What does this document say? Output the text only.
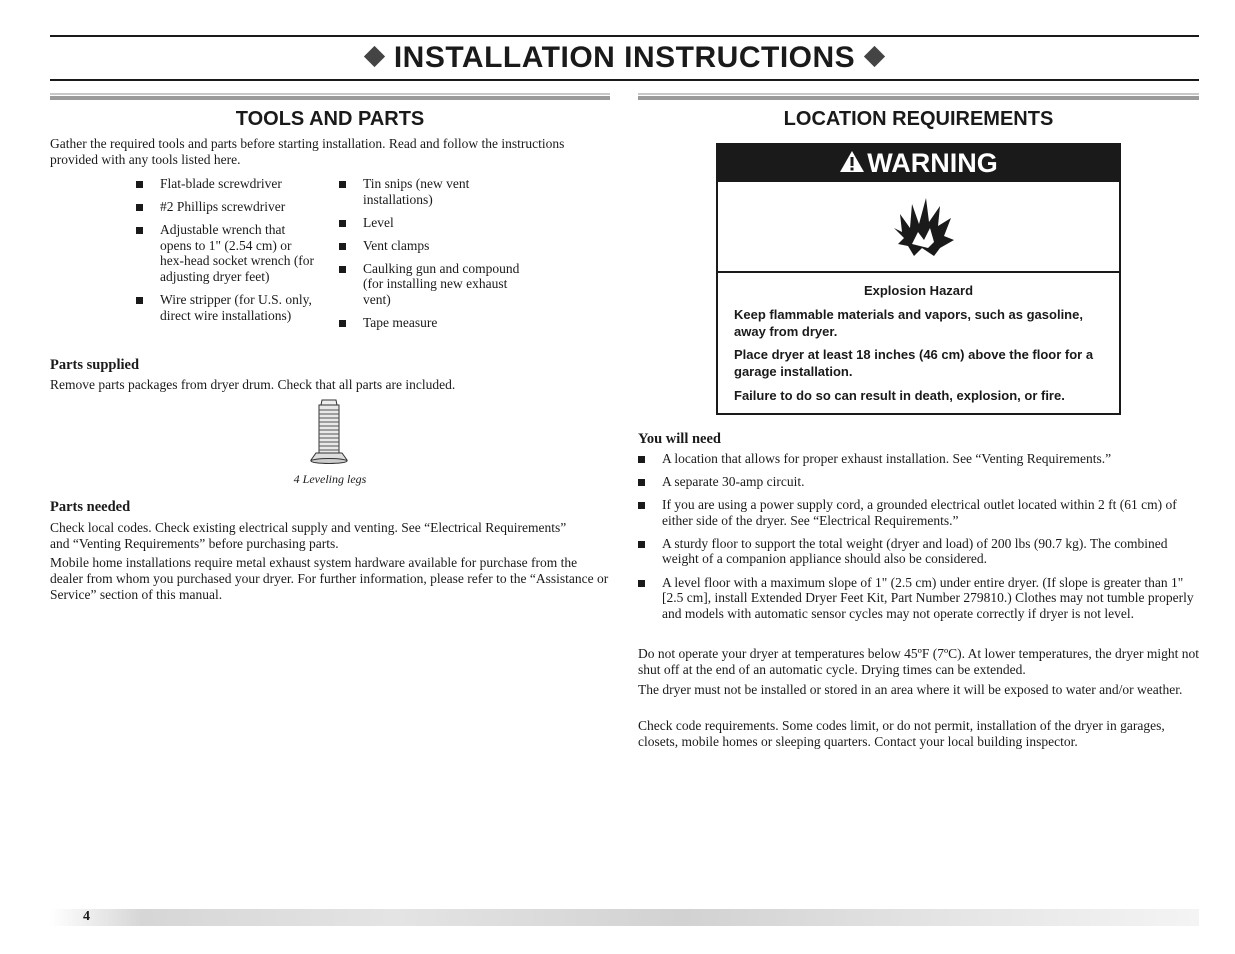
INSTALLATION INSTRUCTIONS
TOOLS AND PARTS

Gather the required tools and parts before starting installation. Read and follow the instructions provided with any tools listed here.

Flat-blade screwdriver
#2 Phillips screwdriver
Adjustable wrench that opens to 1" (2.54 cm) or hex-head socket wrench (for adjusting dryer feet)
Wire stripper (for U.S. only, direct wire installations)
Tin snips (new vent installations)
Level
Vent clamps
Caulking gun and compound (for installing new exhaust vent)
Tape measure
Parts supplied

Remove parts packages from dryer drum. Check that all parts are included.

4 Leveling legs
Parts needed

Check local codes. Check existing electrical supply and venting. See “Electrical Requirements” and “Venting Requirements” before purchasing parts.

Mobile home installations require metal exhaust system hardware available for purchase from the dealer from whom you purchased your dryer. For further information, please refer to the “Assistance or Service” section of this manual.

LOCATION REQUIREMENTS
WARNING
Explosion Hazard
Keep flammable materials and vapors, such as gasoline, away from dryer.
Place dryer at least 18 inches (46 cm) above the floor for a garage installation.
Failure to do so can result in death, explosion, or fire.
You will need
A location that allows for proper exhaust installation. See “Venting Requirements.”
A separate 30-amp circuit.
If you are using a power supply cord, a grounded electrical outlet located within 2 ft (61 cm) of either side of the dryer. See “Electrical Requirements.”
A sturdy floor to support the total weight (dryer and load) of 200 lbs (90.7 kg). The combined weight of a companion appliance should also be considered.
A level floor with a maximum slope of 1" (2.5 cm) under entire dryer. (If slope is greater than 1" [2.5 cm], install Extended Dryer Feet Kit, Part Number 279810.) Clothes may not tumble properly and models with automatic sensor cycles may not operate correctly if dryer is not level.

Do not operate your dryer at temperatures below 45ºF (7ºC). At lower temperatures, the dryer might not shut off at the end of an automatic cycle. Drying times can be extended.

The dryer must not be installed or stored in an area where it will be exposed to water and/or weather.

Check code requirements. Some codes limit, or do not permit, installation of the dryer in garages, closets, mobile homes or sleeping quarters. Contact your local building inspector.

4
